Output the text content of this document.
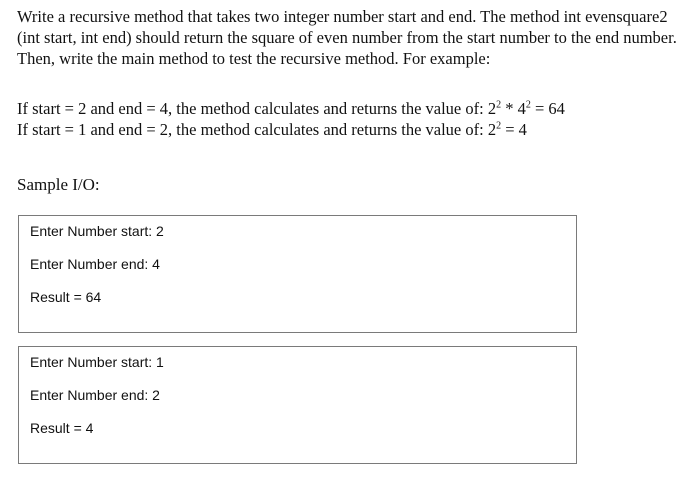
Write a recursive method that takes two integer number start and end. The method int evensquare2
(int start, int end) should return the square of even number from the start number to the end number.
Then, write the main method to test the recursive method. For example:
If start = 2 and end = 4, the method calculates and returns the value of: $2^2 * 4^2 = 64$
If start = 1 and end = 2, the method calculates and returns the value of: $2^2 = 4$
Sample I/O:
Enter Number start: 2
Enter Number end: 4
Result = 64
Enter Number start: 1
Enter Number end: 2
Result = 4
